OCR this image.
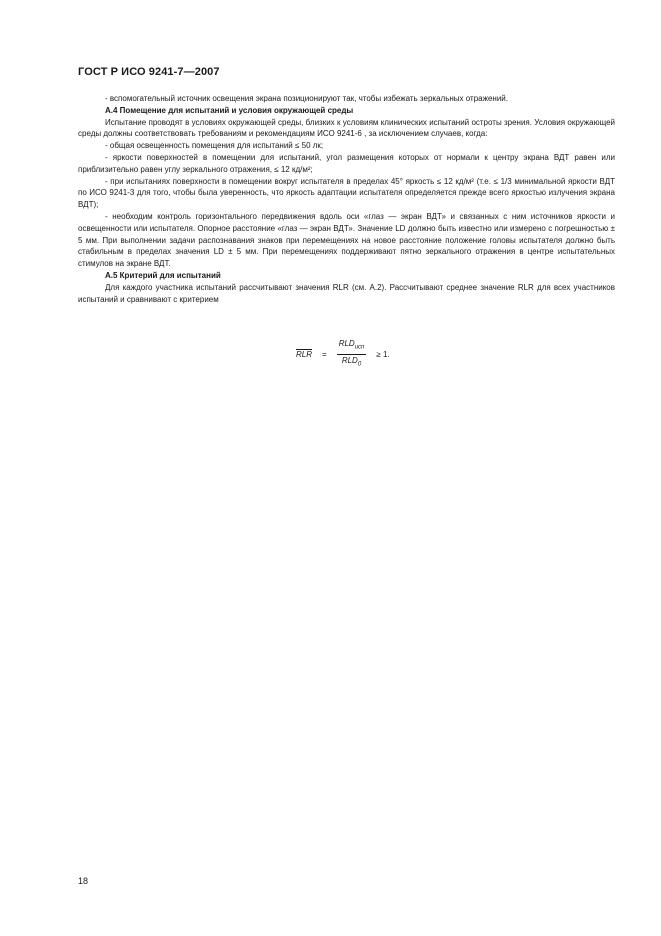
ГОСТ Р ИСО 9241-7—2007

- вспомогательный источник освещения экрана позиционируют так, чтобы избежать зеркальных отражений.

А.4 Помещение для испытаний и условия окружающей среды

Испытание проводят в условиях окружающей среды, близких к условиям клинических испытаний остроты зрения. Условия окружающей среды должны соответствовать требованиям и рекомендациям ИСО 9241-6 , за исключением случаев, когда:

- общая освещенность помещения для испытаний ≤ 50 лк;

- яркости поверхностей в помещении для испытаний, угол размещения которых от нормали к центру экрана ВДТ равен или приблизительно равен углу зеркального отражения, ≤ 12 кд/м²;

- при испытаниях поверхности в помещении вокруг испытателя в пределах 45° яркость ≤ 12 кд/м² (т.е. ≤ 1/3 минимальной яркости ВДТ по ИСО 9241-3 для того, чтобы была уверенность, что яркость адаптации испытателя определяется прежде всего яркостью излучения экрана ВДТ);

- необходим контроль горизонтального передвижения вдоль оси «глаз — экран ВДТ» и связанных с ним источников яркости и освещенности или испытателя. Опорное расстояние «глаз — экран ВДТ». Значение LD должно быть известно или измерено с погрешностью ± 5 мм. При выполнении задачи распознавания знаков при перемещениях на новое расстояние положение головы испытателя должно быть стабильным в пределах значения LD ± 5 мм. При перемещениях поддерживают пятно зеркального отражения в центре испытательных стимулов на экране ВДТ.

А.5 Критерий для испытаний

Для каждого участника испытаний рассчитывают значения RLR (см. А.2). Рассчитывают среднее значение RLR для всех участников испытаний и сравнивают с критерием

$\overline{RLR} = \frac{RLD_{исп}}{RLD_0} \ge 1$.
18
